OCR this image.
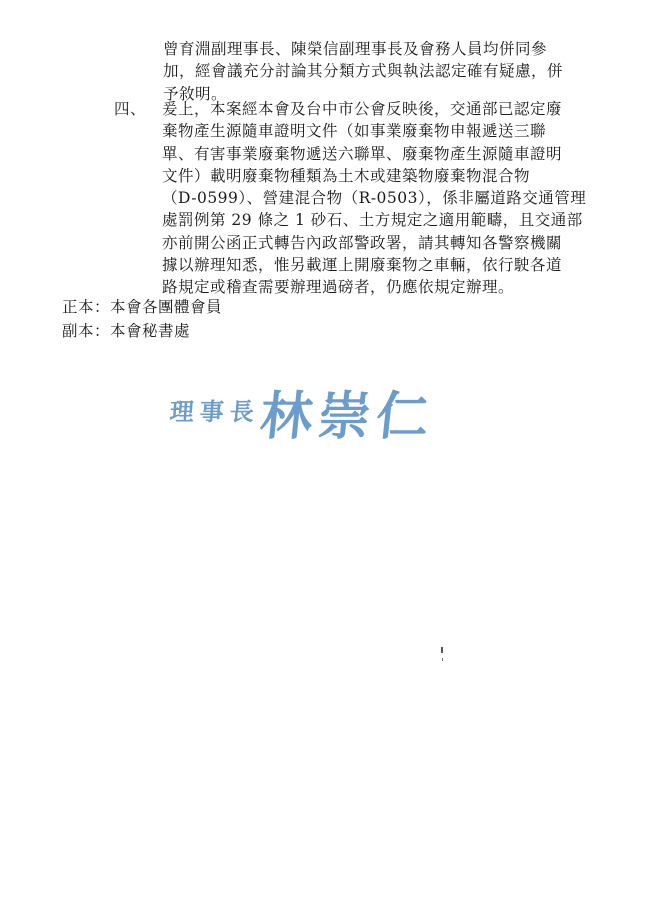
曾育淵副理事長、陳榮信副理事長及會務人員均併同參
加，經會議充分討論其分類方式與執法認定確有疑慮，併
予敘明。
四、 爰上，本案經本會及台中市公會反映後，交通部已認定廢
棄物產生源隨車證明文件（如事業廢棄物申報遞送三聯
單、有害事業廢棄物遞送六聯單、廢棄物產生源隨車證明
文件）載明廢棄物種類為土木或建築物廢棄物混合物
（D-0599）、營建混合物（R-0503），係非屬道路交通管理
處罰例第 29 條之 1 砂石、土方規定之適用範疇，且交通部
亦前開公函正式轉告內政部警政署，請其轉知各警察機關
據以辦理知悉，惟另載運上開廢棄物之車輛，依行駛各道
路規定或稽查需要辦理過磅者，仍應依規定辦理。
正本：本會各團體會員
副本：本會秘書處
理事長
林崇仁
